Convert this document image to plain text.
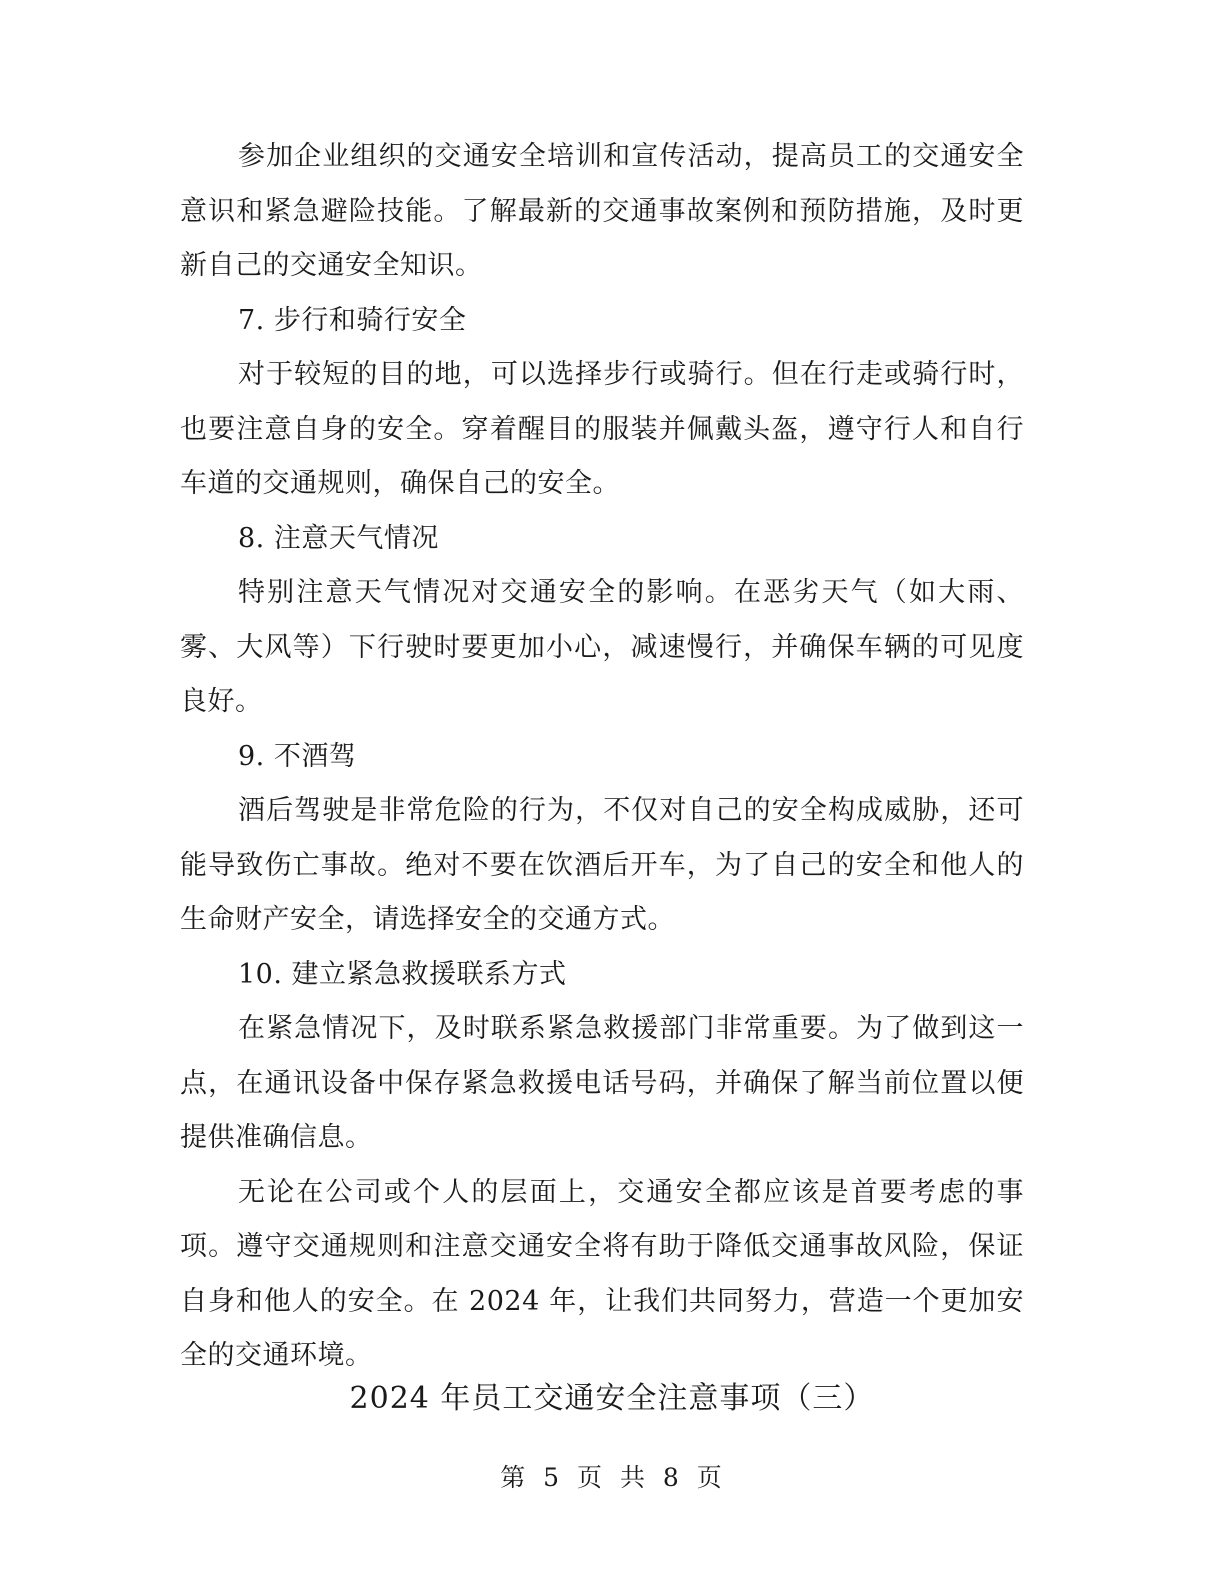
参加企业组织的交通安全培训和宣传活动，提高员工的交通安全意识和紧急避险技能。了解最新的交通事故案例和预防措施，及时更新自己的交通安全知识。

7. 步行和骑行安全

对于较短的目的地，可以选择步行或骑行。但在行走或骑行时，也要注意自身的安全。穿着醒目的服装并佩戴头盔，遵守行人和自行车道的交通规则，确保自己的安全。

8. 注意天气情况

特别注意天气情况对交通安全的影响。在恶劣天气（如大雨、雾、大风等）下行驶时要更加小心，减速慢行，并确保车辆的可见度良好。

9. 不酒驾

酒后驾驶是非常危险的行为，不仅对自己的安全构成威胁，还可能导致伤亡事故。绝对不要在饮酒后开车，为了自己的安全和他人的生命财产安全，请选择安全的交通方式。

10. 建立紧急救援联系方式

在紧急情况下，及时联系紧急救援部门非常重要。为了做到这一点，在通讯设备中保存紧急救援电话号码，并确保了解当前位置以便提供准确信息。

无论在公司或个人的层面上，交通安全都应该是首要考虑的事项。遵守交通规则和注意交通安全将有助于降低交通事故风险，保证自身和他人的安全。在 2024 年，让我们共同努力，营造一个更加安全的交通环境。

2024 年员工交通安全注意事项（三）
第 5 页 共 8 页
